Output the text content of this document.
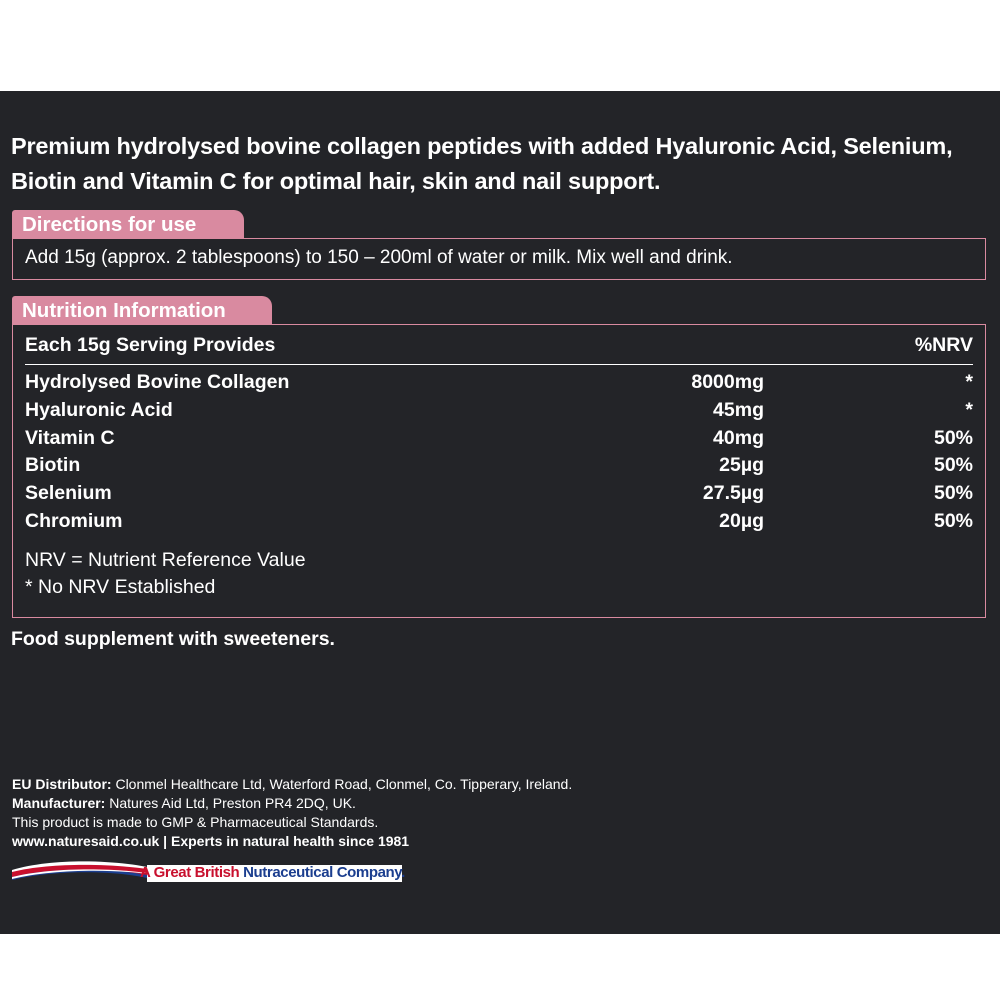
Premium hydrolysed bovine collagen peptides with added Hyaluronic Acid, Selenium, Biotin and Vitamin C for optimal hair, skin and nail support.
Directions for use
Add 15g (approx. 2 tablespoons) to 150 – 200ml of water or milk. Mix well and drink.
Nutrition Information
Each 15g Serving Provides	%NRV
Hydrolysed Bovine Collagen	8000mg	*
Hyaluronic Acid	45mg	*
Vitamin C	40mg	50%
Biotin	25µg	50%
Selenium	27.5µg	50%
Chromium	20µg	50%
NRV = Nutrient Reference Value
* No NRV Established
Food supplement with sweeteners.
EU Distributor: Clonmel Healthcare Ltd, Waterford Road, Clonmel, Co. Tipperary, Ireland.
Manufacturer: Natures Aid Ltd, Preston PR4 2DQ, UK.
This product is made to GMP & Pharmaceutical Standards.
www.naturesaid.co.uk | Experts in natural health since 1981
A Great British Nutraceutical Company.
